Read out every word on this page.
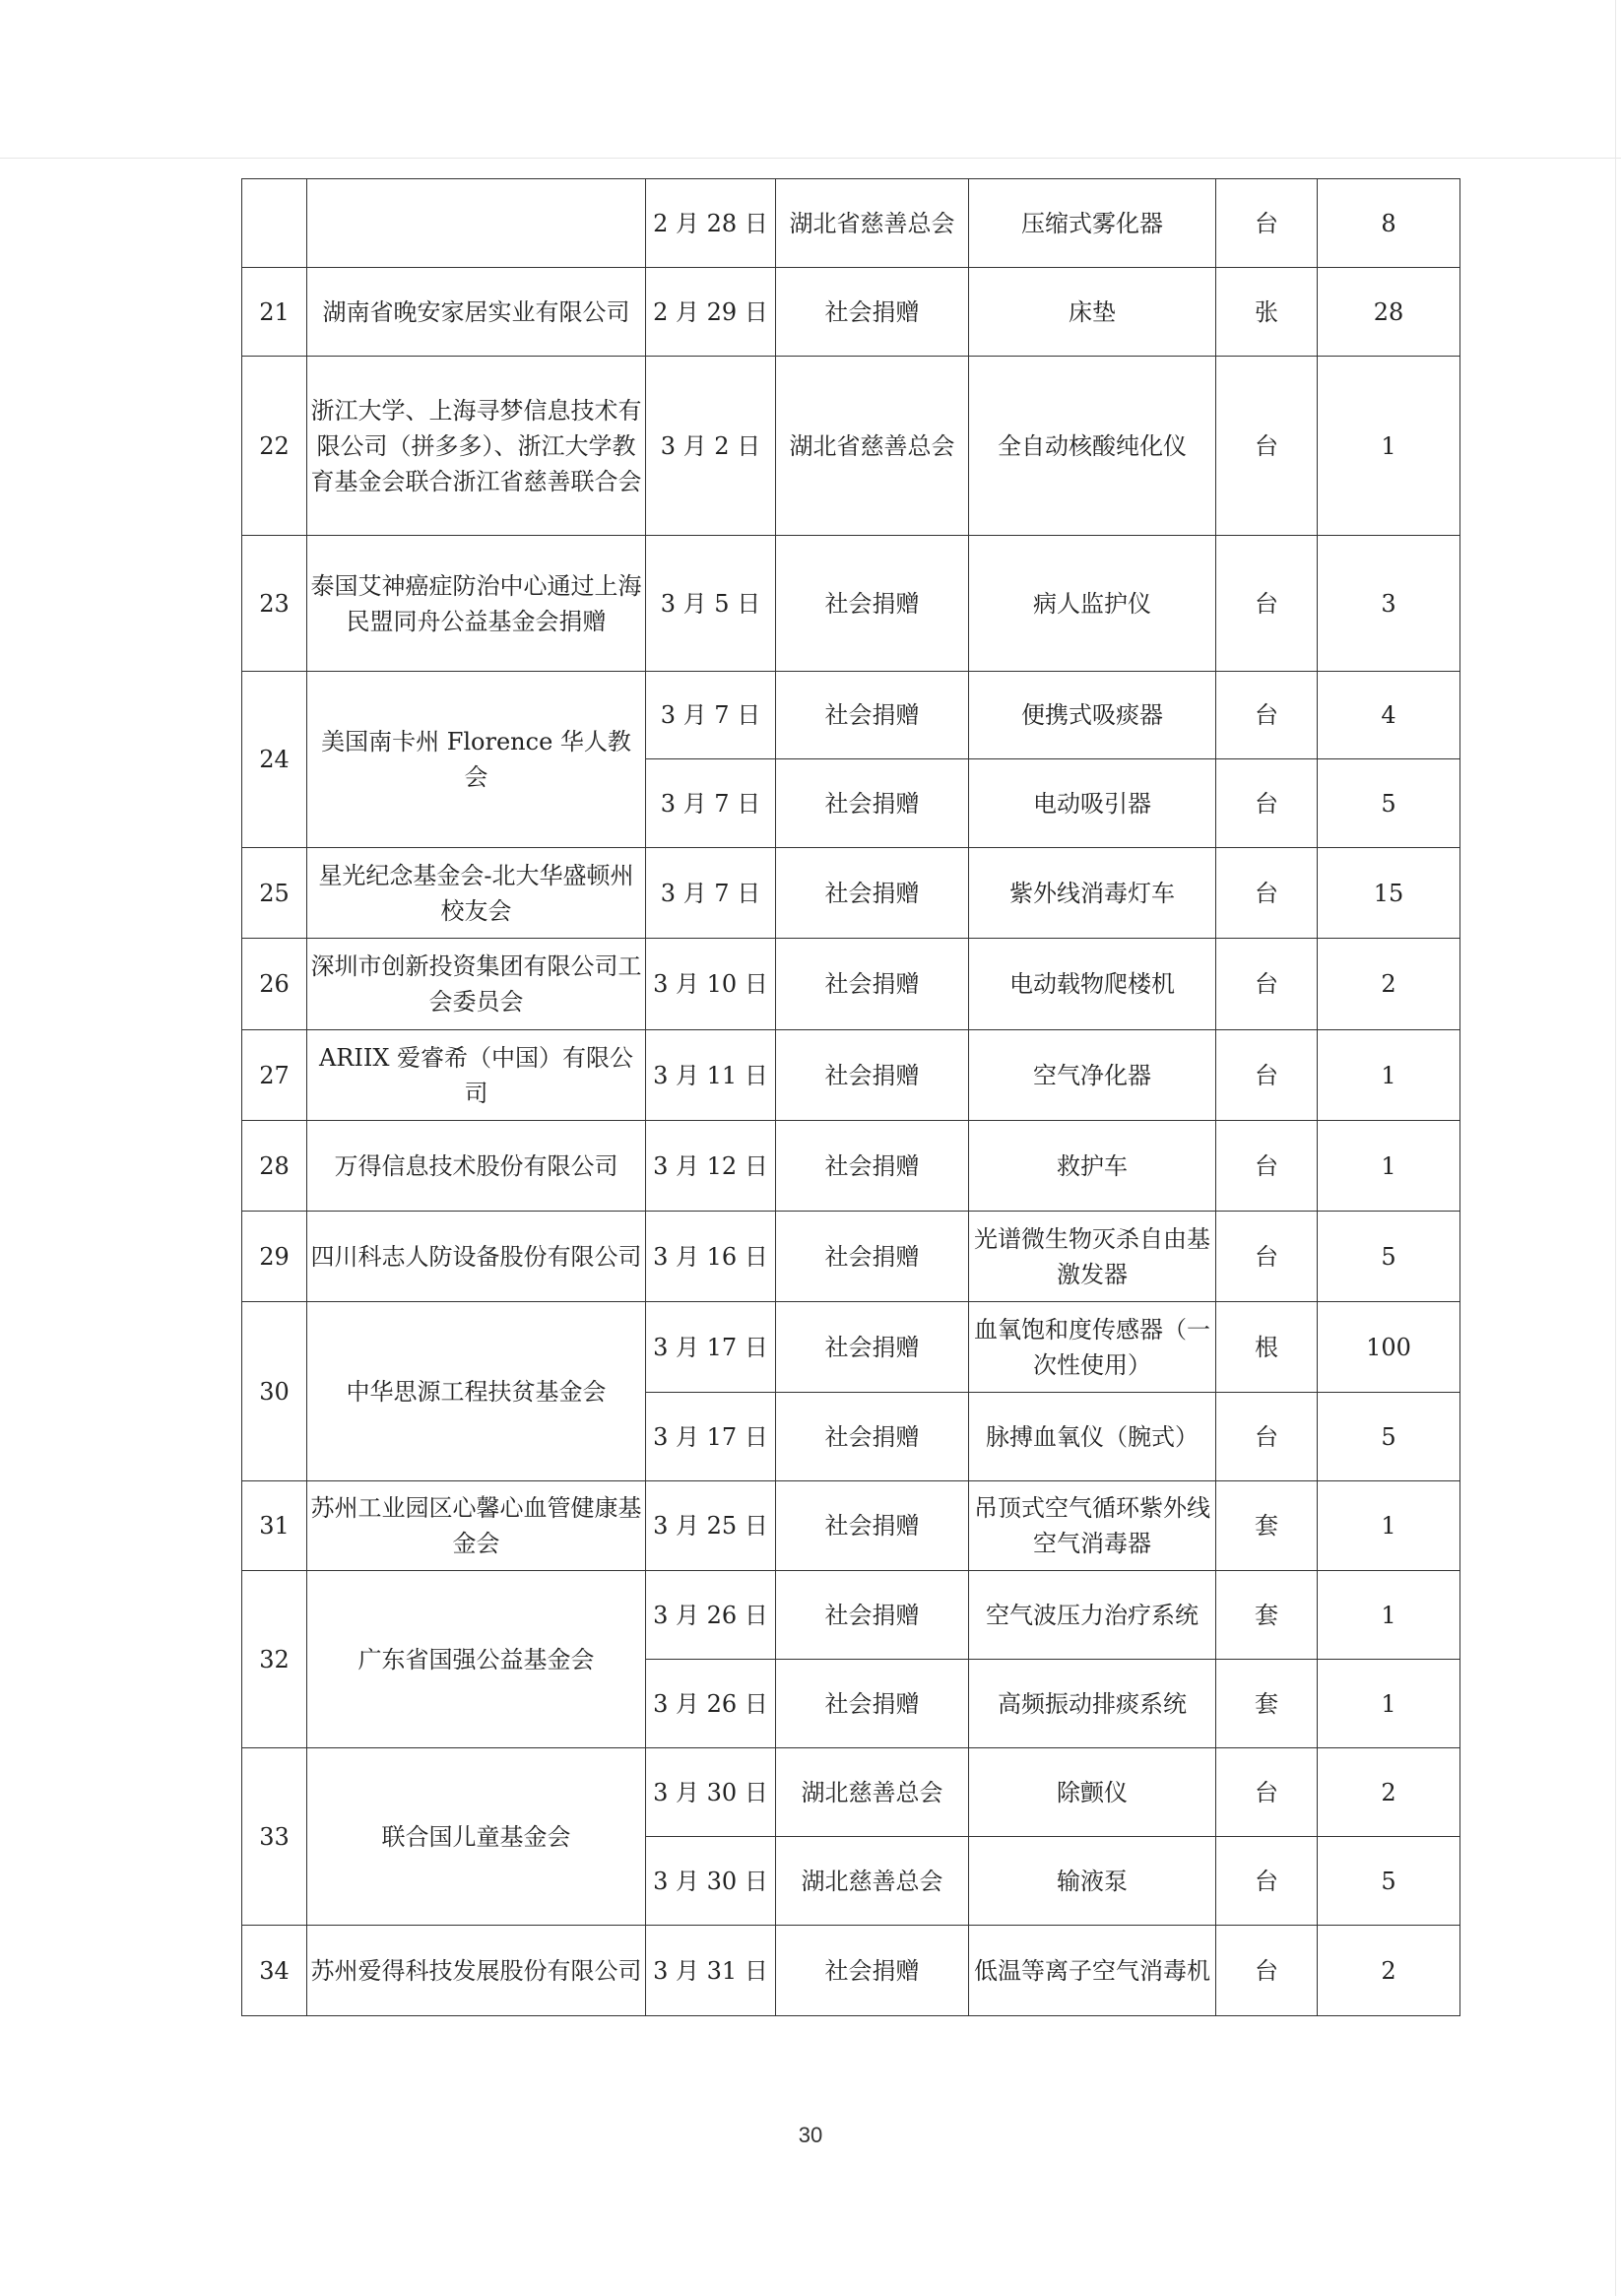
		2 月 28 日	湖北省慈善总会	压缩式雾化器	台	8
21	湖南省晚安家居实业有限公司	2 月 29 日	社会捐赠	床垫	张	28
22	浙江大学、上海寻梦信息技术有限公司（拼多多）、浙江大学教育基金会联合浙江省慈善联合会	3 月 2 日	湖北省慈善总会	全自动核酸纯化仪	台	1
23	泰国艾神癌症防治中心通过上海民盟同舟公益基金会捐赠	3 月 5 日	社会捐赠	病人监护仪	台	3
24	美国南卡州 Florence 华人教会	3 月 7 日	社会捐赠	便携式吸痰器	台	4
		3 月 7 日	社会捐赠	电动吸引器	台	5
25	星光纪念基金会-北大华盛顿州校友会	3 月 7 日	社会捐赠	紫外线消毒灯车	台	15
26	深圳市创新投资集团有限公司工会委员会	3 月 10 日	社会捐赠	电动载物爬楼机	台	2
27	ARIIX 爱睿希（中国）有限公司	3 月 11 日	社会捐赠	空气净化器	台	1
28	万得信息技术股份有限公司	3 月 12 日	社会捐赠	救护车	台	1
29	四川科志人防设备股份有限公司	3 月 16 日	社会捐赠	光谱微生物灭杀自由基激发器	台	5
30	中华思源工程扶贫基金会	3 月 17 日	社会捐赠	血氧饱和度传感器（一次性使用）	根	100
		3 月 17 日	社会捐赠	脉搏血氧仪（腕式）	台	5
31	苏州工业园区心馨心血管健康基金会	3 月 25 日	社会捐赠	吊顶式空气循环紫外线空气消毒器	套	1
32	广东省国强公益基金会	3 月 26 日	社会捐赠	空气波压力治疗系统	套	1
		3 月 26 日	社会捐赠	高频振动排痰系统	套	1
33	联合国儿童基金会	3 月 30 日	湖北慈善总会	除颤仪	台	2
		3 月 30 日	湖北慈善总会	输液泵	台	5
34	苏州爱得科技发展股份有限公司	3 月 31 日	社会捐赠	低温等离子空气消毒机	台	2
30
